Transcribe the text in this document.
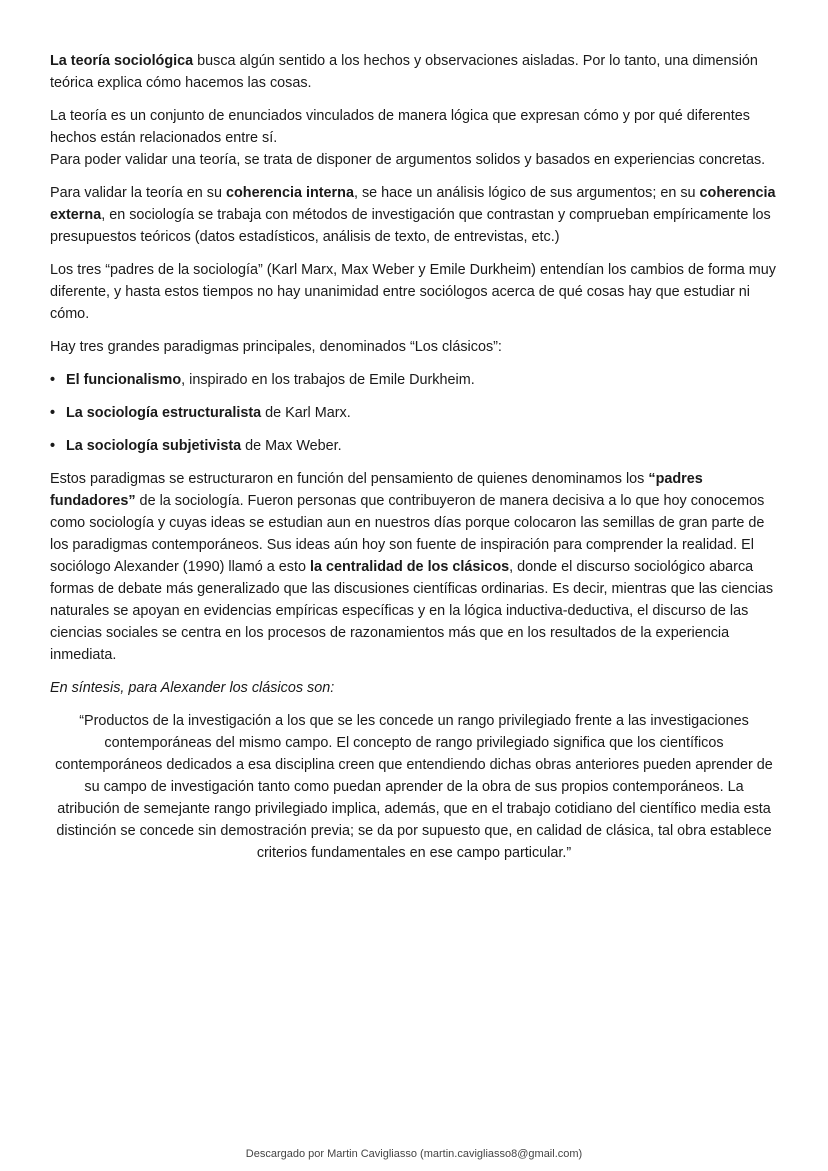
La teoría sociológica busca algún sentido a los hechos y observaciones aisladas. Por lo tanto, una dimensión teórica explica cómo hacemos las cosas.

La teoría es un conjunto de enunciados vinculados de manera lógica que expresan cómo y por qué diferentes hechos están relacionados entre sí.
Para poder validar una teoría, se trata de disponer de argumentos solidos y basados en experiencias concretas.

Para validar la teoría en su coherencia interna, se hace un análisis lógico de sus argumentos; en su coherencia externa, en sociología se trabaja con métodos de investigación que contrastan y comprueban empíricamente los presupuestos teóricos (datos estadísticos, análisis de texto, de entrevistas, etc.)

Los tres “padres de la sociología” (Karl Marx, Max Weber y Emile Durkheim) entendían los cambios de forma muy diferente, y hasta estos tiempos no hay unanimidad entre sociólogos acerca de qué cosas hay que estudiar ni cómo.

Hay tres grandes paradigmas principales, denominados “Los clásicos”:

• El funcionalismo, inspirado en los trabajos de Emile Durkheim.
• La sociología estructuralista de Karl Marx.
• La sociología subjetivista de Max Weber.

Estos paradigmas se estructuraron en función del pensamiento de quienes denominamos los “padres fundadores” de la sociología. Fueron personas que contribuyeron de manera decisiva a lo que hoy conocemos como sociología y cuyas ideas se estudian aun en nuestros días porque colocaron las semillas de gran parte de los paradigmas contemporáneos. Sus ideas aún hoy son fuente de inspiración para comprender la realidad. El sociólogo Alexander (1990) llamó a esto la centralidad de los clásicos, donde el discurso sociológico abarca formas de debate más generalizado que las discusiones científicas ordinarias. Es decir, mientras que las ciencias naturales se apoyan en evidencias empíricas específicas y en la lógica inductiva-deductiva, el discurso de las ciencias sociales se centra en los procesos de razonamientos más que en los resultados de la experiencia inmediata.

En síntesis, para Alexander los clásicos son:

“Productos de la investigación a los que se les concede un rango privilegiado frente a las investigaciones contemporáneas del mismo campo. El concepto de rango privilegiado significa que los científicos contemporáneos dedicados a esa disciplina creen que entendiendo dichas obras anteriores pueden aprender de su campo de investigación tanto como puedan aprender de la obra de sus propios contemporáneos. La atribución de semejante rango privilegiado implica, además, que en el trabajo cotidiano del científico media esta distinción se concede sin demostración previa; se da por supuesto que, en calidad de clásica, tal obra establece criterios fundamentales en ese campo particular.”

Descargado por Martin Cavigliasso (martin.cavigliasso8@gmail.com)
